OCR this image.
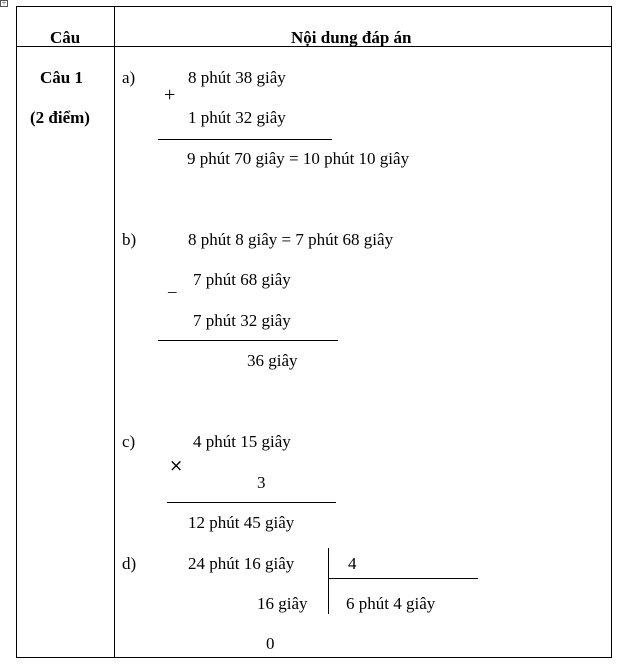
+
Câu	Nội dung đáp án
Câu 1
(2 điểm)
a)
+
8 phút 38 giây
1 phút 32 giây
9 phút 70 giây = 10 phút 10 giây
b)	8 phút 8 giây = 7 phút 68 giây
_ 7 phút 68 giây
7 phút 32 giây
36 giây
c)
×
4 phút 15 giây
3
12 phút 45 giây
d)	24 phút 16 giây	4
16 giây 6 phút 4 giây
0
